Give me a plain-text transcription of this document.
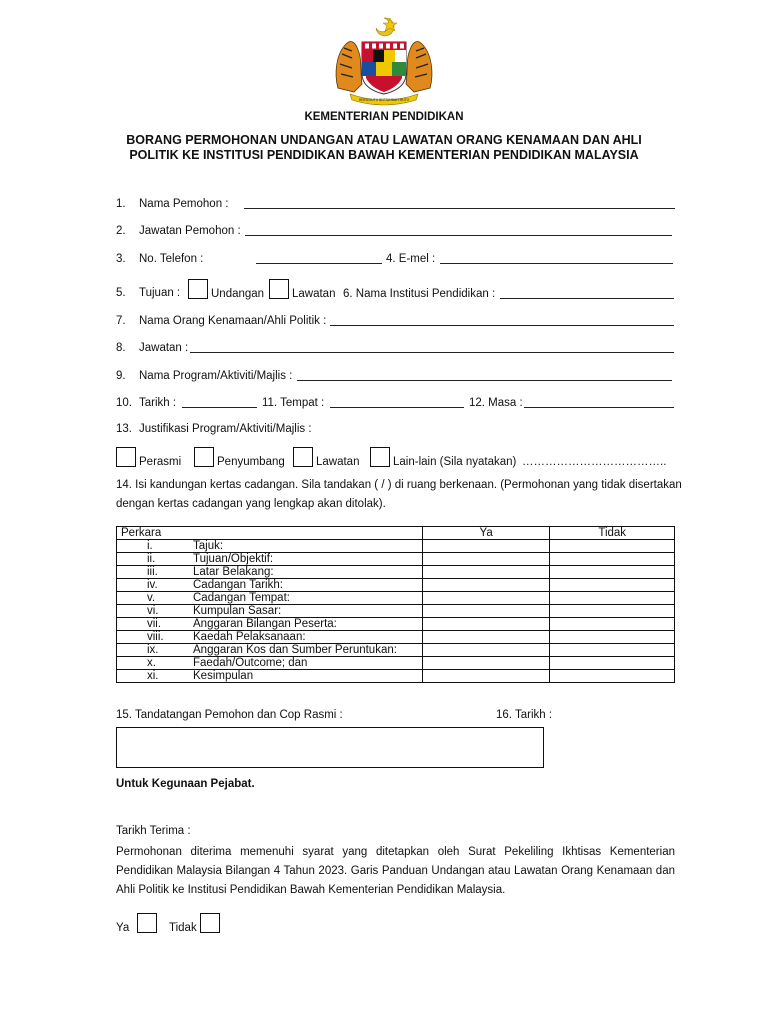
BERSEKUTU BERTAMBAH MUTU
KEMENTERIAN PENDIDIKAN
BORANG PERMOHONAN UNDANGAN ATAU LAWATAN ORANG KENAMAAN DAN AHLI
POLITIK KE INSTITUSI PENDIDIKAN BAWAH KEMENTERIAN PENDIDIKAN MALAYSIA
1. Nama Pemohon :
2. Jawatan Pemohon :
3. No. Telefon :	4. E-mel :
5. Tujuan :	Undangan Lawatan 6. Nama Institusi Pendidikan :
7. Nama Orang Kenamaan/Ahli Politik :
8. Jawatan :
9. Nama Program/Aktiviti/Majlis :
10. Tarikh :	11. Tempat :	12. Masa :
13. Justifikasi Program/Aktiviti/Majlis :
Perasmi	Penyumbang	Lawatan	Lain-lain (Sila nyatakan) ………………………………..
14. Isi kandungan kertas cadangan. Sila tandakan ( / ) di ruang berkenaan. (Permohonan yang tidak disertakan
dengan kertas cadangan yang lengkap akan ditolak).
Perkara	Ya	Tidak
i. Tajuk:		
ii. Tujuan/Objektif:		
iii. Latar Belakang:		
iv. Cadangan Tarikh:		
v. Cadangan Tempat:		
vi. Kumpulan Sasar:		
vii. Anggaran Bilangan Peserta:		
viii. Kaedah Pelaksanaan:		
ix. Anggaran Kos dan Sumber Peruntukan:		
x. Faedah/Outcome; dan		
xi. Kesimpulan		
15. Tandatangan Pemohon dan Cop Rasmi :	16. Tarikh :
Untuk Kegunaan Pejabat.
Tarikh Terima :
Permohonan diterima memenuhi syarat yang ditetapkan oleh Surat Pekeliling Ikhtisas Kementerian Pendidikan Malaysia Bilangan 4 Tahun 2023. Garis Panduan Undangan atau Lawatan Orang Kenamaan dan Ahli Politik ke Institusi Pendidikan Bawah Kementerian Pendidikan Malaysia.
Ya	Tidak
